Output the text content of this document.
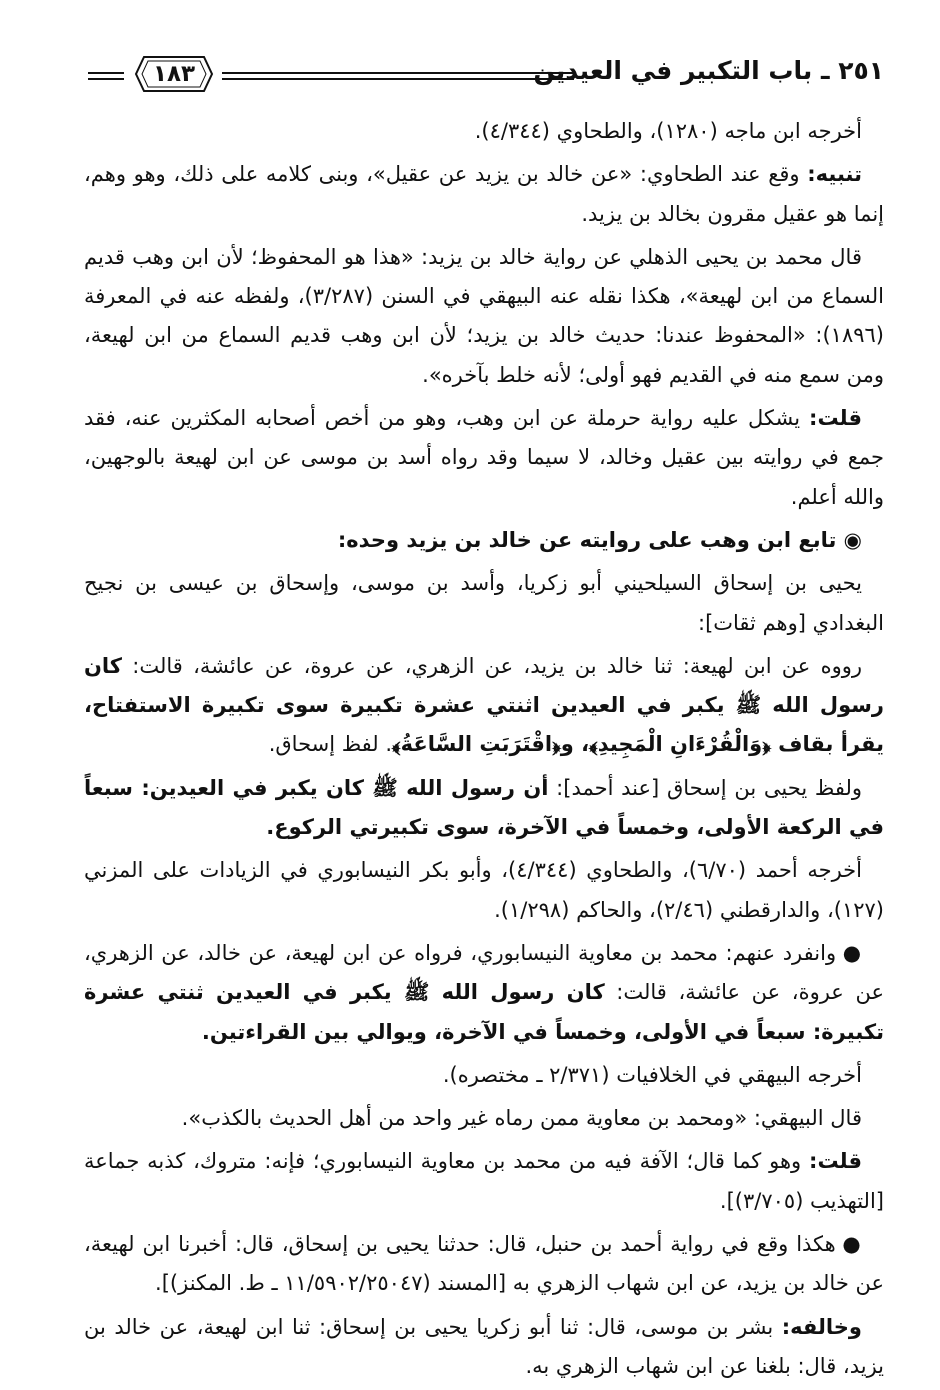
١٨٣	٢٥١ ـ باب التكبير في العيدين

أخرجه ابن ماجه (١٢٨٠)، والطحاوي (٤/٣٤٤).

تنبيه: وقع عند الطحاوي: «عن خالد بن يزيد عن عقيل»، وبنى كلامه على ذلك، وهو وهم، إنما هو عقيل مقرون بخالد بن يزيد.

قال محمد بن يحيى الذهلي عن رواية خالد بن يزيد: «هذا هو المحفوظ؛ لأن ابن وهب قديم السماع من ابن لهيعة»، هكذا نقله عنه البيهقي في السنن (٣/٢٨٧)، ولفظه عنه في المعرفة (١٨٩٦): «المحفوظ عندنا: حديث خالد بن يزيد؛ لأن ابن وهب قديم السماع من ابن لهيعة، ومن سمع منه في القديم فهو أولى؛ لأنه خلط بآخره».

قلت: يشكل عليه رواية حرملة عن ابن وهب، وهو من أخص أصحابه المكثرين عنه، فقد جمع في روايته بين عقيل وخالد، لا سيما وقد رواه أسد بن موسى عن ابن لهيعة بالوجهين، والله أعلم.

◉ تابع ابن وهب على روايته عن خالد بن يزيد وحده:

يحيى بن إسحاق السيلحيني أبو زكريا، وأسد بن موسى، وإسحاق بن عيسى بن نجيح البغدادي [وهم ثقات]:

رووه عن ابن لهيعة: ثنا خالد بن يزيد، عن الزهري، عن عروة، عن عائشة، قالت: كان رسول الله ﷺ يكبر في العيدين اثنتي عشرة تكبيرة سوى تكبيرة الاستفتاح، يقرأ بقاف ﴿وَالْقُرْءَانِ الْمَجِيدِ﴾، و﴿اقْتَرَبَتِ السَّاعَةُ﴾. لفظ إسحاق.

ولفظ يحيى بن إسحاق [عند أحمد]: أن رسول الله ﷺ كان يكبر في العيدين: سبعاً في الركعة الأولى، وخمساً في الآخرة، سوى تكبيرتي الركوع.

أخرجه أحمد (٦/٧٠)، والطحاوي (٤/٣٤٤)، وأبو بكر النيسابوري في الزيادات على المزني (١٢٧)، والدارقطني (٢/٤٦)، والحاكم (١/٢٩٨).

● وانفرد عنهم: محمد بن معاوية النيسابوري، فرواه عن ابن لهيعة، عن خالد، عن الزهري، عن عروة، عن عائشة، قالت: كان رسول الله ﷺ يكبر في العيدين ثنتي عشرة تكبيرة: سبعاً في الأولى، وخمساً في الآخرة، ويوالي بين القراءتين.

أخرجه البيهقي في الخلافيات (٢/٣٧١ ـ مختصره).

قال البيهقي: «ومحمد بن معاوية ممن رماه غير واحد من أهل الحديث بالكذب».

قلت: وهو كما قال؛ الآفة فيه من محمد بن معاوية النيسابوري؛ فإنه: متروك، كذبه جماعة [التهذيب (٣/٧٠٥)].

● هكذا وقع في رواية أحمد بن حنبل، قال: حدثنا يحيى بن إسحاق، قال: أخبرنا ابن لهيعة، عن خالد بن يزيد، عن ابن شهاب الزهري به [المسند (١١/٥٩٠٢/٢٥٠٤٧ ـ ط. المكنز)].

وخالفه: بشر بن موسى، قال: ثنا أبو زكريا يحيى بن إسحاق: ثنا ابن لهيعة، عن خالد بن يزيد، قال: بلغنا عن ابن شهاب الزهري به.
